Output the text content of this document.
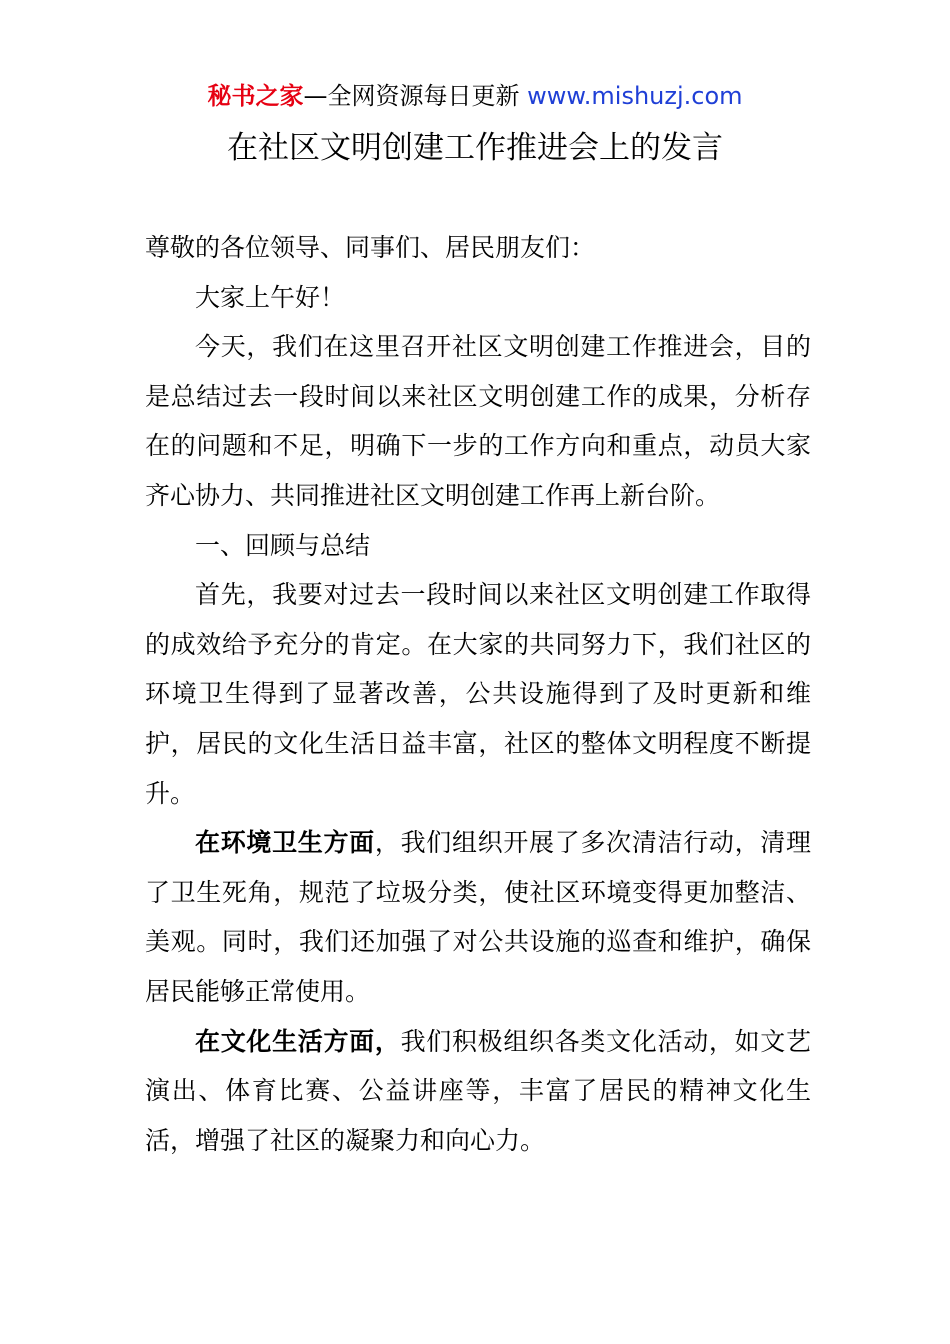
秘书之家—全网资源每日更新 www.mishuzj.com
在社区文明创建工作推进会上的发言

尊敬的各位领导、同事们、居民朋友们：

大家上午好！

今天，我们在这里召开社区文明创建工作推进会，目的是总结过去一段时间以来社区文明创建工作的成果，分析存在的问题和不足，明确下一步的工作方向和重点，动员大家齐心协力、共同推进社区文明创建工作再上新台阶。

一、回顾与总结

首先，我要对过去一段时间以来社区文明创建工作取得的成效给予充分的肯定。在大家的共同努力下，我们社区的环境卫生得到了显著改善，公共设施得到了及时更新和维护，居民的文化生活日益丰富，社区的整体文明程度不断提升。

在环境卫生方面，我们组织开展了多次清洁行动，清理了卫生死角，规范了垃圾分类，使社区环境变得更加整洁、美观。同时，我们还加强了对公共设施的巡查和维护，确保居民能够正常使用。

在文化生活方面，我们积极组织各类文化活动，如文艺演出、体育比赛、公益讲座等，丰富了居民的精神文化生活，增强了社区的凝聚力和向心力。
